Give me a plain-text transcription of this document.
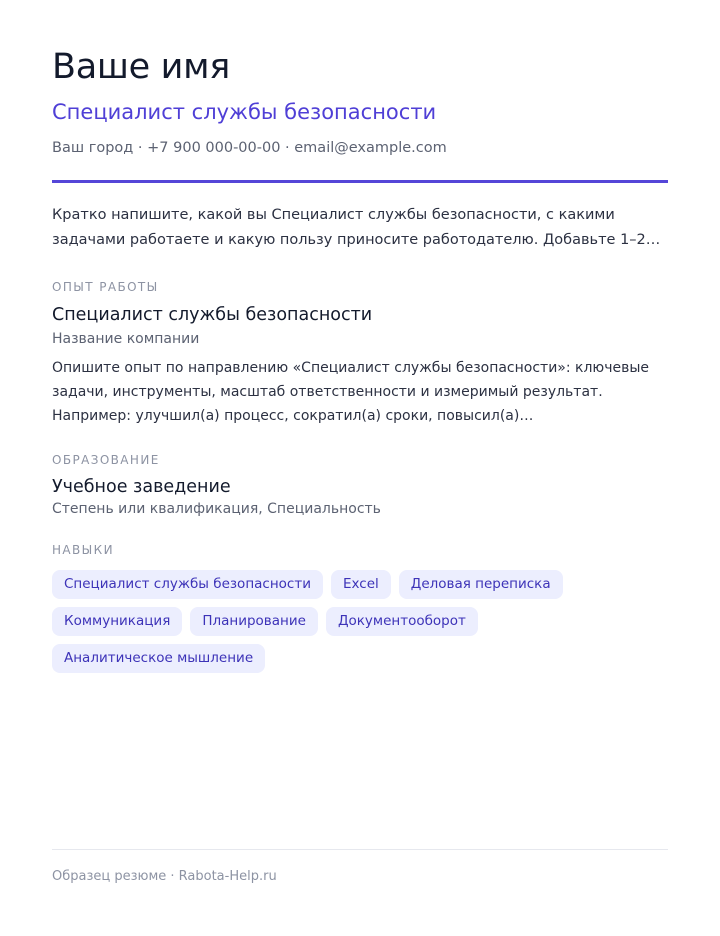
Ваше имя
Специалист службы безопасности
Ваш город · +7 900 000-00-00 · email@example.com
Кратко напишите, какой вы Специалист службы безопасности, с какими задачами работаете и какую пользу приносите работодателю. Добавьте 1–2…
ОПЫТ РАБОТЫ
Специалист службы безопасности
Название компании
Опишите опыт по направлению «Специалист службы безопасности»: ключевые задачи, инструменты, масштаб ответственности и измеримый результат. Например: улучшил(а) процесс, сократил(а) сроки, повысил(а)…
ОБРАЗОВАНИЕ
Учебное заведение
Степень или квалификация, Специальность
НАВЫКИ
Специалист службы безопасности	Excel	Деловая переписка
Коммуникация	Планирование	Документооборот
Аналитическое мышление
Образец резюме · Rabota-Help.ru
